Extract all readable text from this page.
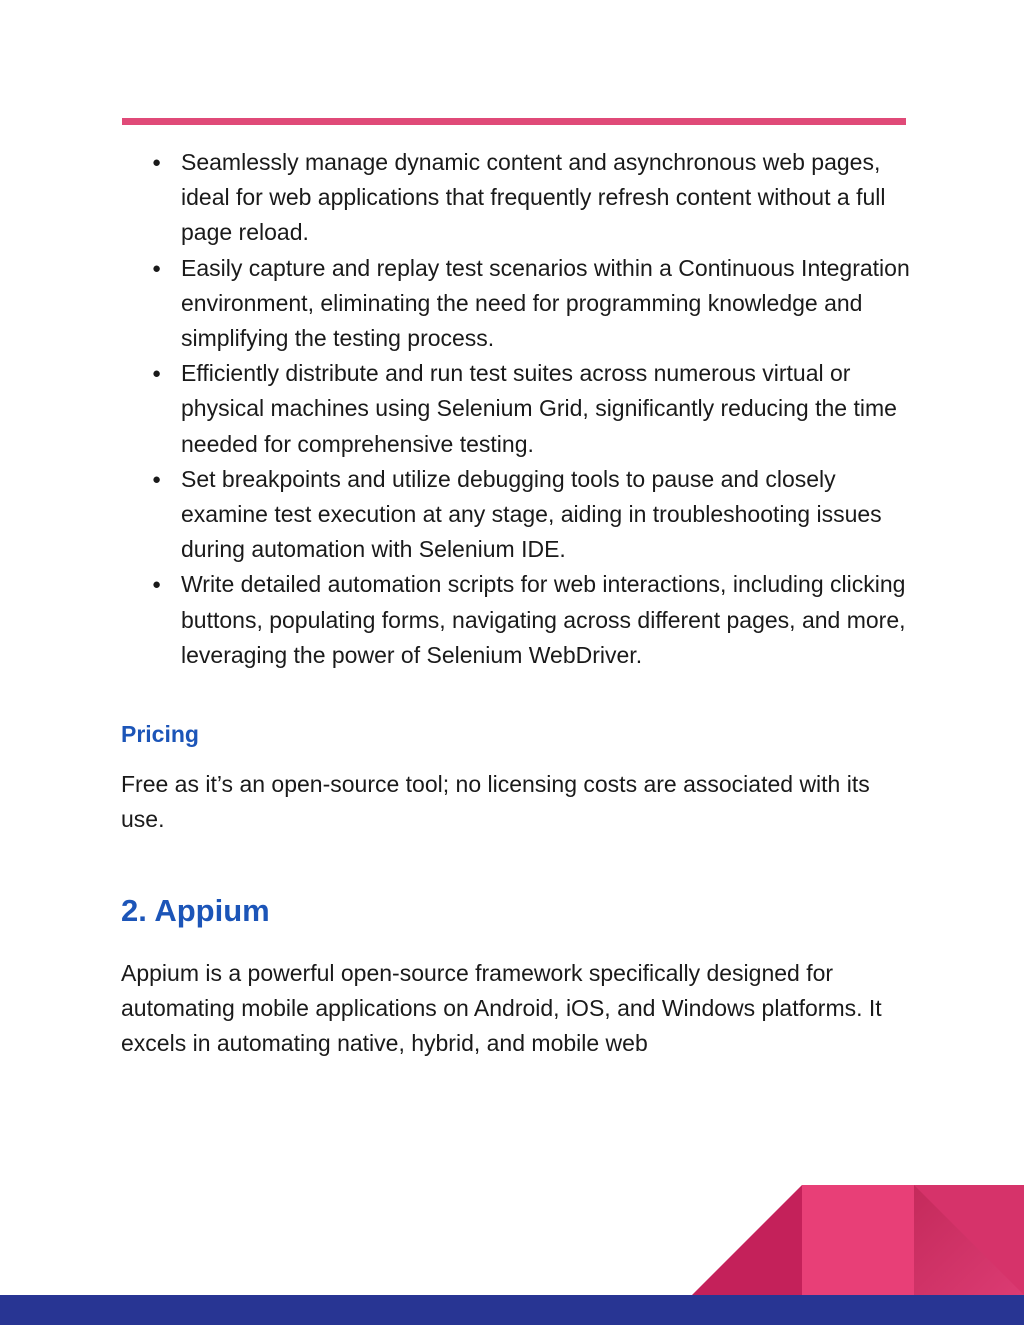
● Seamlessly manage dynamic content and asynchronous web pages, ideal for web applications that frequently refresh content without a full page reload.
● Easily capture and replay test scenarios within a Continuous Integration environment, eliminating the need for programming knowledge and simplifying the testing process.
● Efficiently distribute and run test suites across numerous virtual or physical machines using Selenium Grid, significantly reducing the time needed for comprehensive testing.
● Set breakpoints and utilize debugging tools to pause and closely examine test execution at any stage, aiding in troubleshooting issues during automation with Selenium IDE.
● Write detailed automation scripts for web interactions, including clicking buttons, populating forms, navigating across different pages, and more, leveraging the power of Selenium WebDriver.
Pricing

Free as it’s an open-source tool; no licensing costs are associated with its use.

2. Appium

Appium is a powerful open-source framework specifically designed for automating mobile applications on Android, iOS, and Windows platforms. It excels in automating native, hybrid, and mobile web
